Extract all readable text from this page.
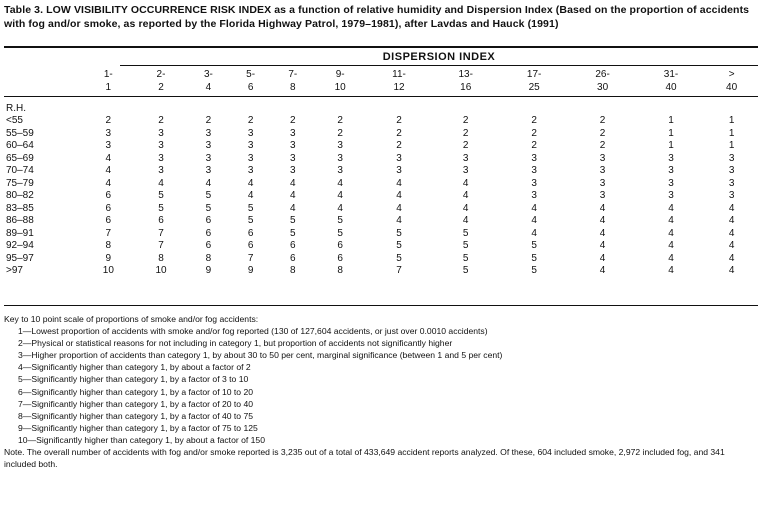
Table 3. LOW VISIBILITY OCCURRENCE RISK INDEX as a function of relative humidity and Dispersion Index (Based on the proportion of accidents with fog and/or smoke, as reported by the Florida Highway Patrol, 1979–1981), after Lavdas and Hauck (1991)
DISPERSION INDEX
	1-	2-	3-	5-	7-	9-	11-	13-	17-	26-	31-	>
	1	2	4	6	8	10	12	16	25	30	40	40

R.H.												
<55	2	2	2	2	2	2	2	2	2	2	1	1
55–59	3	3	3	3	3	2	2	2	2	2	1	1
60–64	3	3	3	3	3	3	2	2	2	2	1	1
65–69	4	3	3	3	3	3	3	3	3	3	3	3
70–74	4	3	3	3	3	3	3	3	3	3	3	3
75–79	4	4	4	4	4	4	4	4	3	3	3	3
80–82	6	5	5	4	4	4	4	4	3	3	3	3
83–85	6	5	5	5	4	4	4	4	4	4	4	4
86–88	6	6	6	5	5	5	4	4	4	4	4	4
89–91	7	7	6	6	5	5	5	5	4	4	4	4
92–94	8	7	6	6	6	6	5	5	5	4	4	4
95–97	9	8	8	7	6	6	5	5	5	4	4	4
>97	10	10	9	9	8	8	7	5	5	4	4	4
Key to 10 point scale of proportions of smoke and/or fog accidents:
1—Lowest proportion of accidents with smoke and/or fog reported (130 of 127,604 accidents, or just over 0.0010 accidents)
2—Physical or statistical reasons for not including in category 1, but proportion of accidents not significantly higher
3—Higher proportion of accidents than category 1, by about 30 to 50 per cent, marginal significance (between 1 and 5 per cent)
4—Significantly higher than category 1, by about a factor of 2
5—Significantly higher than category 1, by a factor of 3 to 10
6—Significantly higher than category 1, by a factor of 10 to 20
7—Significantly higher than category 1, by a factor of 20 to 40
8—Significantly higher than category 1, by a factor of 40 to 75
9—Significantly higher than category 1, by a factor of 75 to 125
10—Significantly higher than category 1, by about a factor of 150
Note. The overall number of accidents with fog and/or smoke reported is 3,235 out of a total of 433,649 accident reports analyzed. Of these, 604 included smoke, 2,972 included fog, and 341 included both.
